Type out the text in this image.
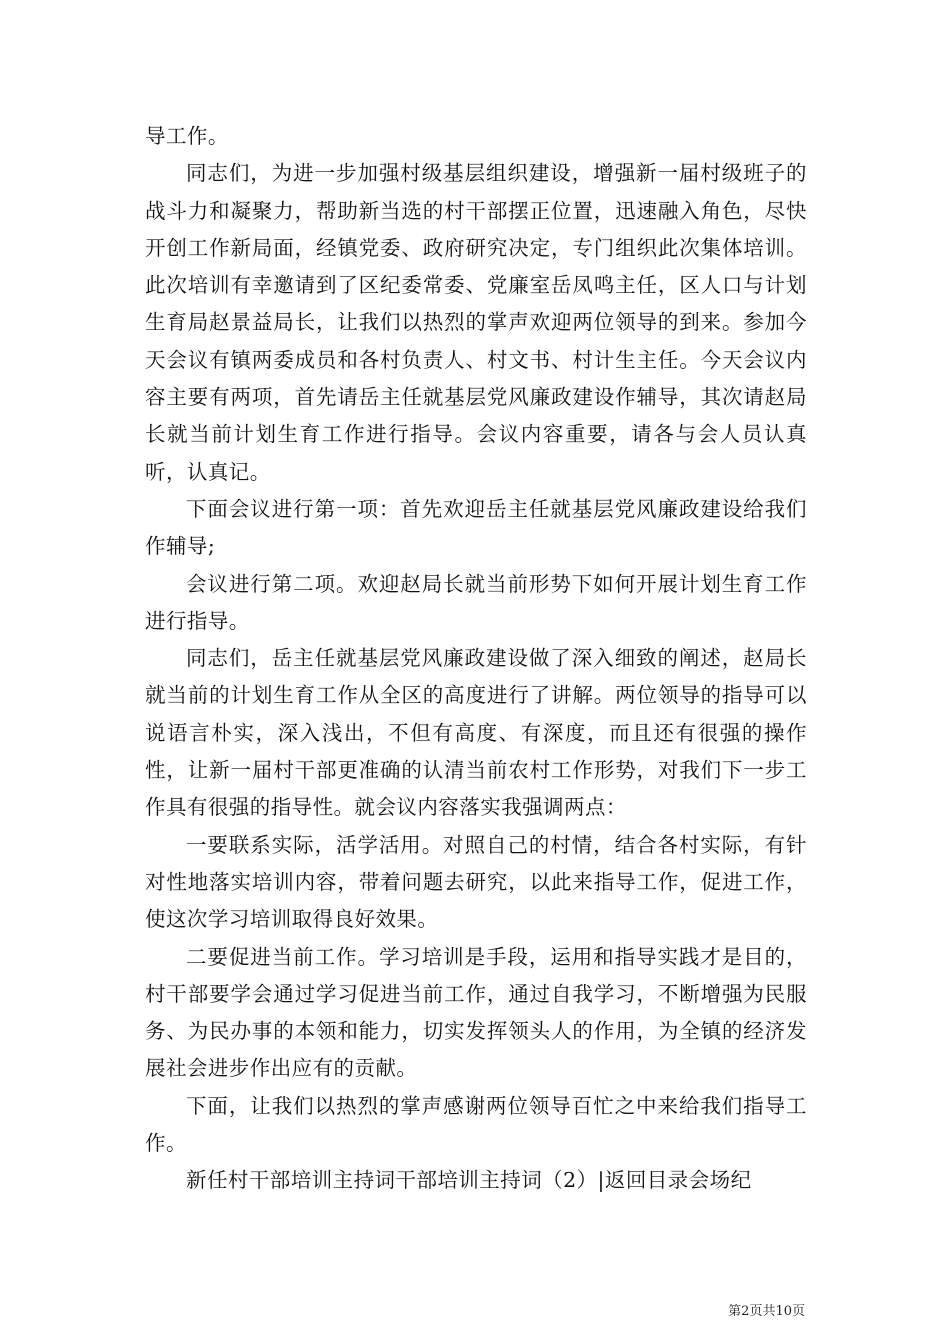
导工作。

同志们，为进一步加强村级基层组织建设，增强新一届村级班子的战斗力和凝聚力，帮助新当选的村干部摆正位置，迅速融入角色，尽快开创工作新局面，经镇党委、政府研究决定，专门组织此次集体培训。此次培训有幸邀请到了区纪委常委、党廉室岳凤鸣主任，区人口与计划生育局赵景益局长，让我们以热烈的掌声欢迎两位领导的到来。参加今天会议有镇两委成员和各村负责人、村文书、村计生主任。今天会议内容主要有两项，首先请岳主任就基层党风廉政建设作辅导，其次请赵局长就当前计划生育工作进行指导。会议内容重要，请各与会人员认真听，认真记。

下面会议进行第一项：首先欢迎岳主任就基层党风廉政建设给我们作辅导;

会议进行第二项。欢迎赵局长就当前形势下如何开展计划生育工作进行指导。

同志们，岳主任就基层党风廉政建设做了深入细致的阐述，赵局长就当前的计划生育工作从全区的高度进行了讲解。两位领导的指导可以说语言朴实，深入浅出，不但有高度、有深度，而且还有很强的操作性，让新一届村干部更准确的认清当前农村工作形势，对我们下一步工作具有很强的指导性。就会议内容落实我强调两点：

一要联系实际，活学活用。对照自己的村情，结合各村实际，有针对性地落实培训内容，带着问题去研究，以此来指导工作，促进工作，使这次学习培训取得良好效果。

二要促进当前工作。学习培训是手段，运用和指导实践才是目的，村干部要学会通过学习促进当前工作，通过自我学习，不断增强为民服务、为民办事的本领和能力，切实发挥领头人的作用，为全镇的经济发展社会进步作出应有的贡献。

下面，让我们以热烈的掌声感谢两位领导百忙之中来给我们指导工作。

新任村干部培训主持词干部培训主持词（2）|返回目录会场纪

第2页共10页
